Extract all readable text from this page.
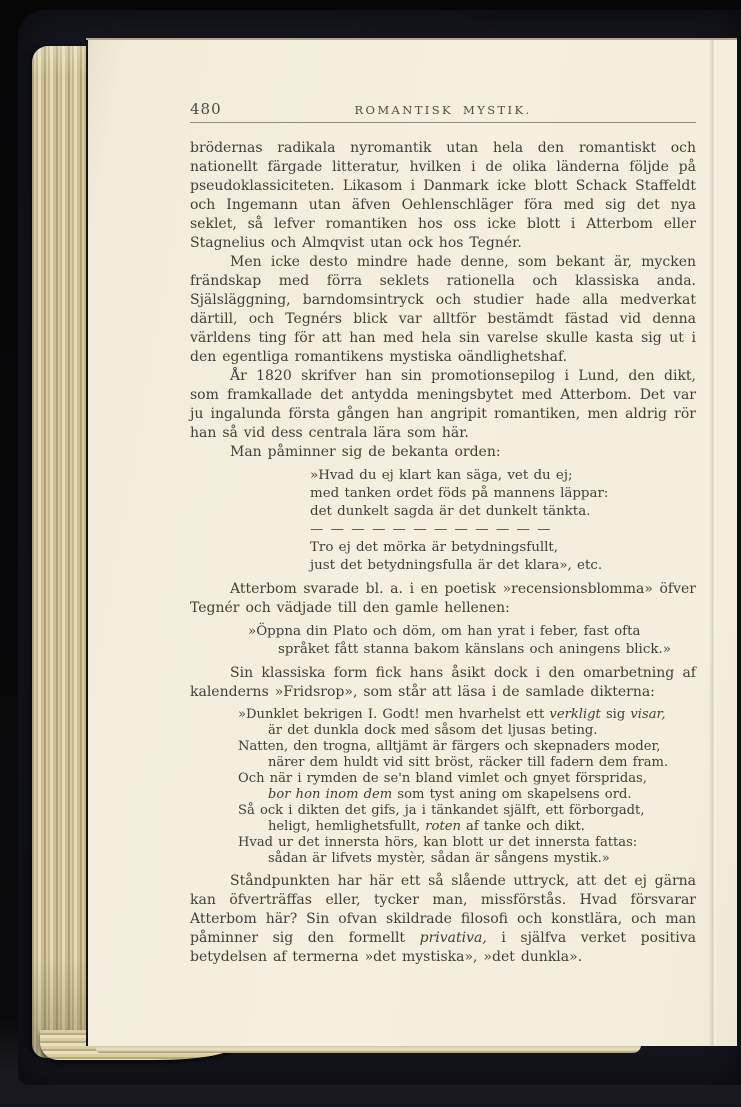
480	ROMANTISK MYSTIK.

brödernas radikala nyromantik utan hela den romantiskt och nationellt färgade litteratur, hvilken i de olika länderna följde på pseudoklassiciteten. Likasom i Danmark icke blott Schack Staffeldt och Ingemann utan äfven Oehlenschläger föra med sig det nya seklet, så lefver romantiken hos oss icke blott i Atterbom eller Stagnelius och Almqvist utan ock hos Tegnér.

Men icke desto mindre hade denne, som bekant är, mycken frändskap med förra seklets rationella och klassiska anda. Själsläggning, barndomsintryck och studier hade alla medverkat därtill, och Tegnérs blick var alltför bestämdt fästad vid denna världens ting för att han med hela sin varelse skulle kasta sig ut i den egentliga romantikens mystiska oändlighetshaf.

År 1820 skrifver han sin promotionsepilog i Lund, den dikt, som framkallade det antydda meningsbytet med Atterbom. Det var ju ingalunda första gången han angripit romantiken, men aldrig rör han så vid dess centrala lära som här.

Man påminner sig de bekanta orden:

»Hvad du ej klart kan säga, vet du ej;
med tanken ordet föds på mannens läppar:
det dunkelt sagda är det dunkelt tänkta.
— — — — — — — — — — — —
Tro ej det mörka är betydningsfullt,
just det betydningsfulla är det klara», etc.

Atterbom svarade bl. a. i en poetisk »recensionsblomma» öfver Tegnér och vädjade till den gamle hellenen:

»Öppna din Plato och döm, om han yrat i feber, fast ofta
språket fått stanna bakom känslans och aningens blick.»

Sin klassiska form fick hans åsikt dock i den omarbetning af kalenderns »Fridsrop», som står att läsa i de samlade dikterna:

»Dunklet bekrigen I. Godt! men hvarhelst ett verkligt sig visar,
är det dunkla dock med såsom det ljusas beting.
Natten, den trogna, alltjämt är färgers och skepnaders moder,
närer dem huldt vid sitt bröst, räcker till fadern dem fram.
Och när i rymden de se'n bland vimlet och gnyet förspridas,
bor hon inom dem som tyst aning om skapelsens ord.
Så ock i dikten det gifs, ja i tänkandet själft, ett förborgadt,
heligt, hemlighetsfullt, roten af tanke och dikt.
Hvad ur det innersta hörs, kan blott ur det innersta fattas:
sådan är lifvets mystèr, sådan är sångens mystik.»

Ståndpunkten har här ett så slående uttryck, att det ej gärna kan öfverträffas eller, tycker man, missförstås. Hvad försvarar Atterbom här? Sin ofvan skildrade filosofi och konstlära, och man påminner sig den formellt privativa, i själfva verket positiva betydelsen af termerna »det mystiska», »det dunkla».
